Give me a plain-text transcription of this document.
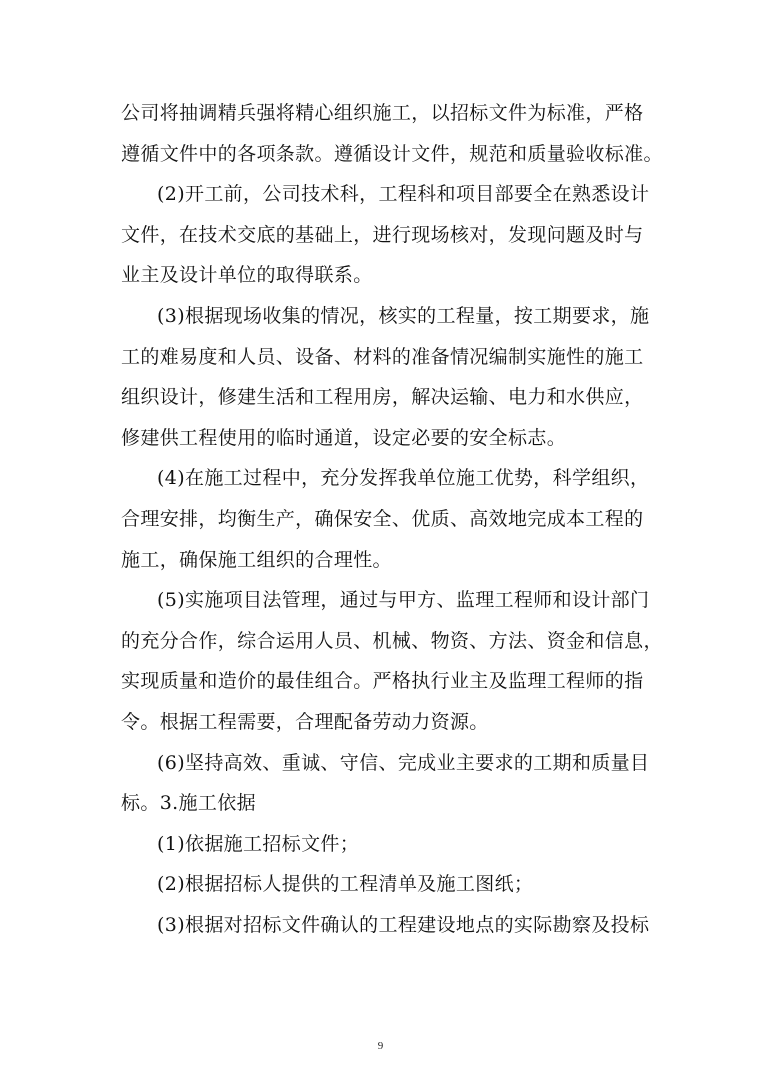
公司将抽调精兵强将精心组织施工，以招标文件为标准，严格
遵循文件中的各项条款。遵循设计文件，规范和质量验收标准。
(2)开工前，公司技术科，工程科和项目部要全在熟悉设计
文件，在技术交底的基础上，进行现场核对，发现问题及时与
业主及设计单位的取得联系。
(3)根据现场收集的情况，核实的工程量，按工期要求，施
工的难易度和人员、设备、材料的准备情况编制实施性的施工
组织设计，修建生活和工程用房，解决运输、电力和水供应，
修建供工程使用的临时通道，设定必要的安全标志。
(4)在施工过程中，充分发挥我单位施工优势，科学组织，
合理安排，均衡生产，确保安全、优质、高效地完成本工程的
施工，确保施工组织的合理性。
(5)实施项目法管理，通过与甲方、监理工程师和设计部门
的充分合作，综合运用人员、机械、物资、方法、资金和信息，
实现质量和造价的最佳组合。严格执行业主及监理工程师的指
令。根据工程需要，合理配备劳动力资源。
(6)坚持高效、重诚、守信、完成业主要求的工期和质量目
标。3.施工依据
(1)依据施工招标文件；
(2)根据招标人提供的工程清单及施工图纸；
(3)根据对招标文件确认的工程建设地点的实际勘察及投标
9
